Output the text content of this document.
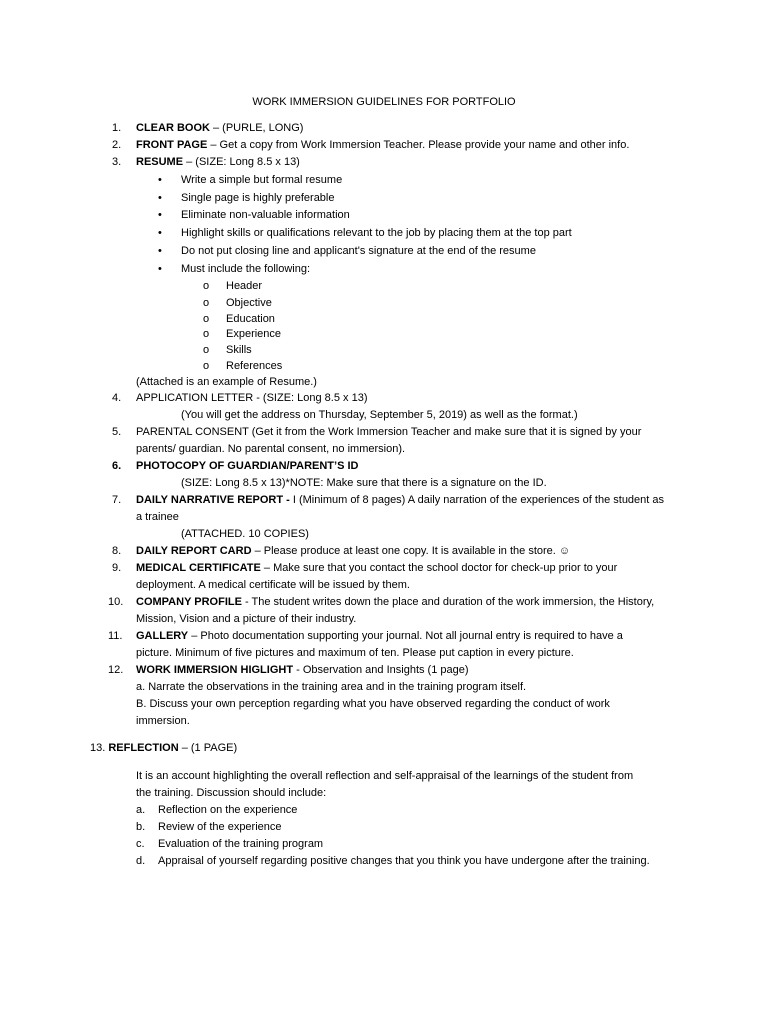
WORK IMMERSION GUIDELINES FOR PORTFOLIO
1. CLEAR BOOK – (PURLE, LONG)
2. FRONT PAGE – Get a copy from Work Immersion Teacher. Please provide your name and other info.
3. RESUME – (SIZE: Long 8.5 x 13)
• Write a simple but formal resume
• Single page is highly preferable
• Eliminate non-valuable information
• Highlight skills or qualifications relevant to the job by placing them at the top part
• Do not put closing line and applicant's signature at the end of the resume
• Must include the following:
o Header
o Objective
o Education
o Experience
o Skills
o References
(Attached is an example of Resume.)
4. APPLICATION LETTER - (SIZE: Long 8.5 x 13)
(You will get the address on Thursday, September 5, 2019) as well as the format.)
5. PARENTAL CONSENT (Get it from the Work Immersion Teacher and make sure that it is signed by your
parents/ guardian. No parental consent, no immersion).
6. PHOTOCOPY OF GUARDIAN/PARENT’S ID
(SIZE: Long 8.5 x 13)*NOTE: Make sure that there is a signature on the ID.
7. DAILY NARRATIVE REPORT - I (Minimum of 8 pages) A daily narration of the experiences of the student as
a trainee
(ATTACHED. 10 COPIES)
8. DAILY REPORT CARD – Please produce at least one copy. It is available in the store. ☺
9. MEDICAL CERTIFICATE – Make sure that you contact the school doctor for check-up prior to your
deployment. A medical certificate will be issued by them.
10. COMPANY PROFILE - The student writes down the place and duration of the work immersion, the History,
Mission, Vision and a picture of their industry.
11. GALLERY – Photo documentation supporting your journal. Not all journal entry is required to have a
picture. Minimum of five pictures and maximum of ten. Please put caption in every picture.
12. WORK IMMERSION HIGLIGHT - Observation and Insights (1 page)
a. Narrate the observations in the training area and in the training program itself.
B. Discuss your own perception regarding what you have observed regarding the conduct of work
immersion.
13. REFLECTION – (1 PAGE)
It is an account highlighting the overall reflection and self-appraisal of the learnings of the student from
the training. Discussion should include:
a. Reflection on the experience
b. Review of the experience
c. Evaluation of the training program
d. Appraisal of yourself regarding positive changes that you think you have undergone after the training.
